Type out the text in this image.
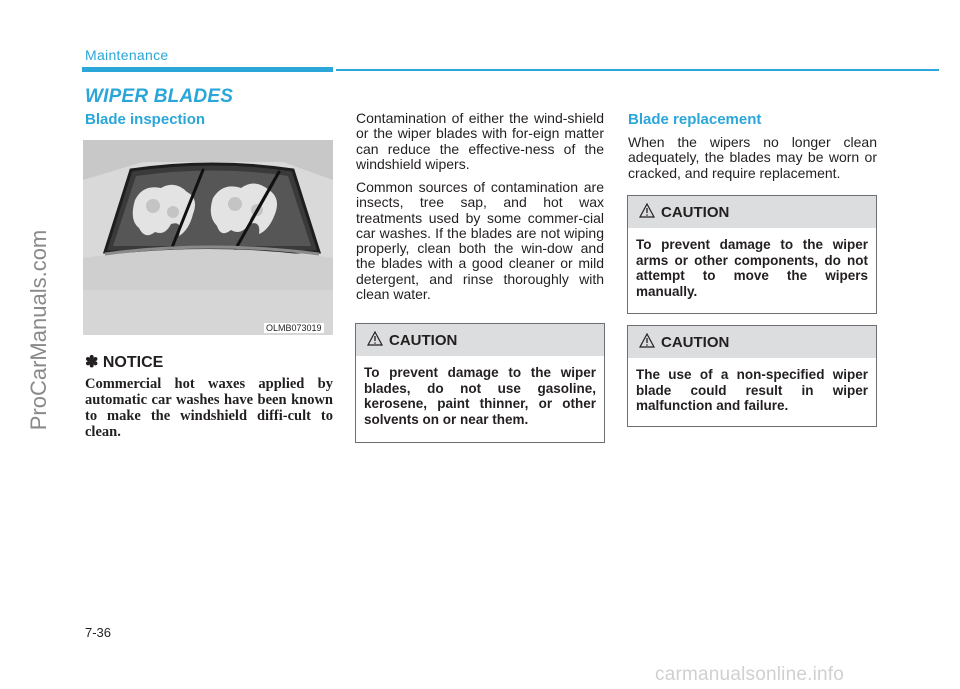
Maintenance
ProCarManuals.com
WIPER BLADES
Blade inspection
OLMB073019
✽ NOTICE
Commercial hot waxes applied by automatic car washes have been known to make the windshield diffi-cult to clean.
Contamination of either the wind-shield or the wiper blades with for-eign matter can reduce the effective-ness of the windshield wipers.
Common sources of contamination are insects, tree sap, and hot wax treatments used by some commer-cial car washes. If the blades are not wiping properly, clean both the win-dow and the blades with a good cleaner or mild detergent, and rinse thoroughly with clean water.
CAUTION
To prevent damage to the wiper blades, do not use gasoline, kerosene, paint thinner, or other solvents on or near them.
Blade replacement
When the wipers no longer clean adequately, the blades may be worn or cracked, and require replacement.
CAUTION
To prevent damage to the wiper arms or other components, do not attempt to move the wipers manually.
CAUTION
The use of a non-specified wiper blade could result in wiper malfunction and failure.
7-36
carmanualsonline.info
